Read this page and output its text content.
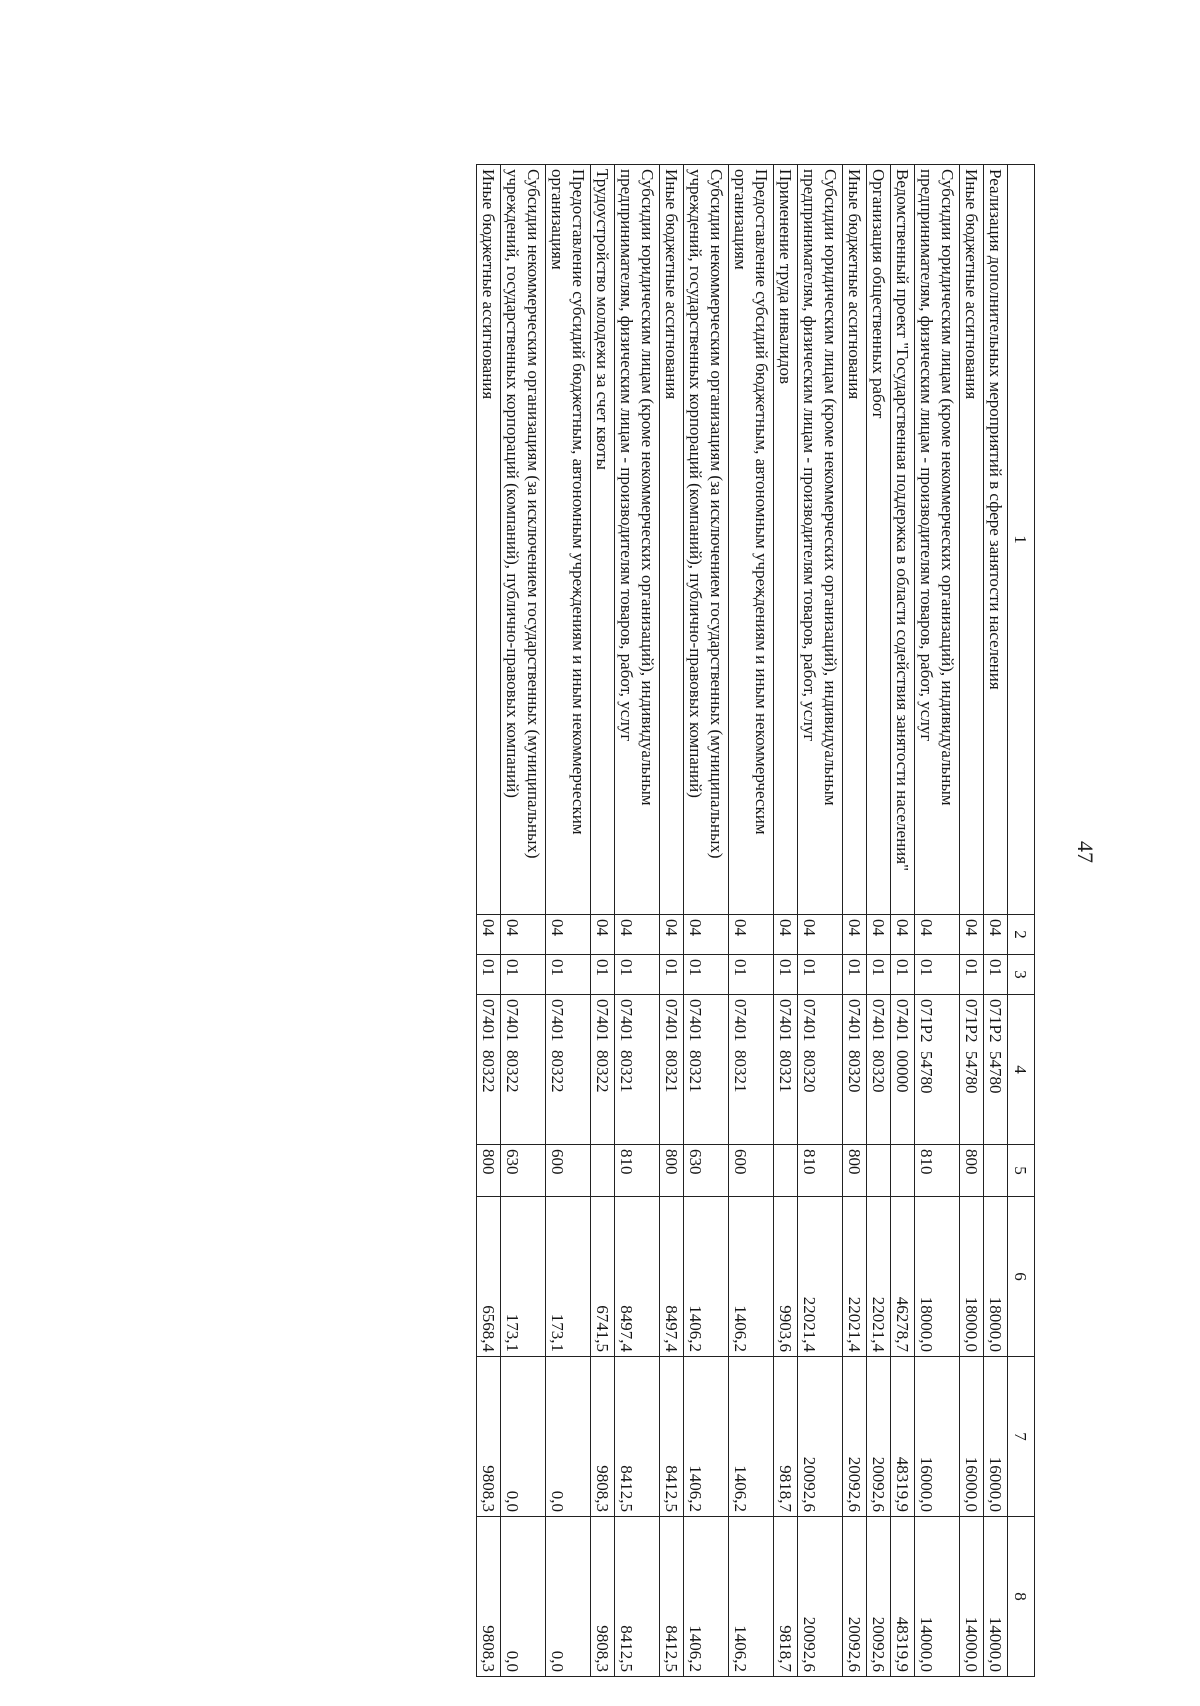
47
1	2	3	4	5	6	7	8
Реализация дополнительных мероприятий в сфере занятости населения	04	01	071P2  54780		18000,0	16000,0	14000,0
Иные бюджетные ассигнования	04	01	071P2  54780	800	18000,0	16000,0	14000,0
Субсидии юридическим лицам (кроме некоммерческих организаций), индивидуальным предпринимателям, физическим лицам - производителям товаров, работ, услуг	04	01	071P2  54780	810	18000,0	16000,0	14000,0
Ведомственный проект "Государственная поддержка в области содействия занятости населения"	04	01	07401  00000		46278,7	48319,9	48319,9
Организация общественных работ	04	01	07401  80320		22021,4	20092,6	20092,6
Иные бюджетные ассигнования	04	01	07401  80320	800	22021,4	20092,6	20092,6
Субсидии юридическим лицам (кроме некоммерческих организаций), индивидуальным предпринимателям, физическим лицам - производителям товаров, работ, услуг	04	01	07401  80320	810	22021,4	20092,6	20092,6
Применение труда инвалидов	04	01	07401  80321		9903,6	9818,7	9818,7
Предоставление субсидий бюджетным, автономным учреждениям и иным некоммерческим организациям	04	01	07401  80321	600	1406,2	1406,2	1406,2
Субсидии некоммерческим организациям (за исключением государственных (муниципальных) учреждений, государственных корпораций (компаний), публично-правовых компаний)	04	01	07401  80321	630	1406,2	1406,2	1406,2
Иные бюджетные ассигнования	04	01	07401  80321	800	8497,4	8412,5	8412,5
Субсидии юридическим лицам (кроме некоммерческих организаций), индивидуальным предпринимателям, физическим лицам - производителям товаров, работ, услуг	04	01	07401  80321	810	8497,4	8412,5	8412,5
Трудоустройство молодежи за счет квоты	04	01	07401  80322		6741,5	9808,3	9808,3
Предоставление субсидий бюджетным, автономным учреждениям и иным некоммерческим организациям	04	01	07401  80322	600	173,1	0,0	0,0
Субсидии некоммерческим организациям (за исключением государственных (муниципальных) учреждений, государственных корпораций (компаний), публично-правовых компаний)	04	01	07401  80322	630	173,1	0,0	0,0
Иные бюджетные ассигнования	04	01	07401  80322	800	6568,4	9808,3	9808,3
